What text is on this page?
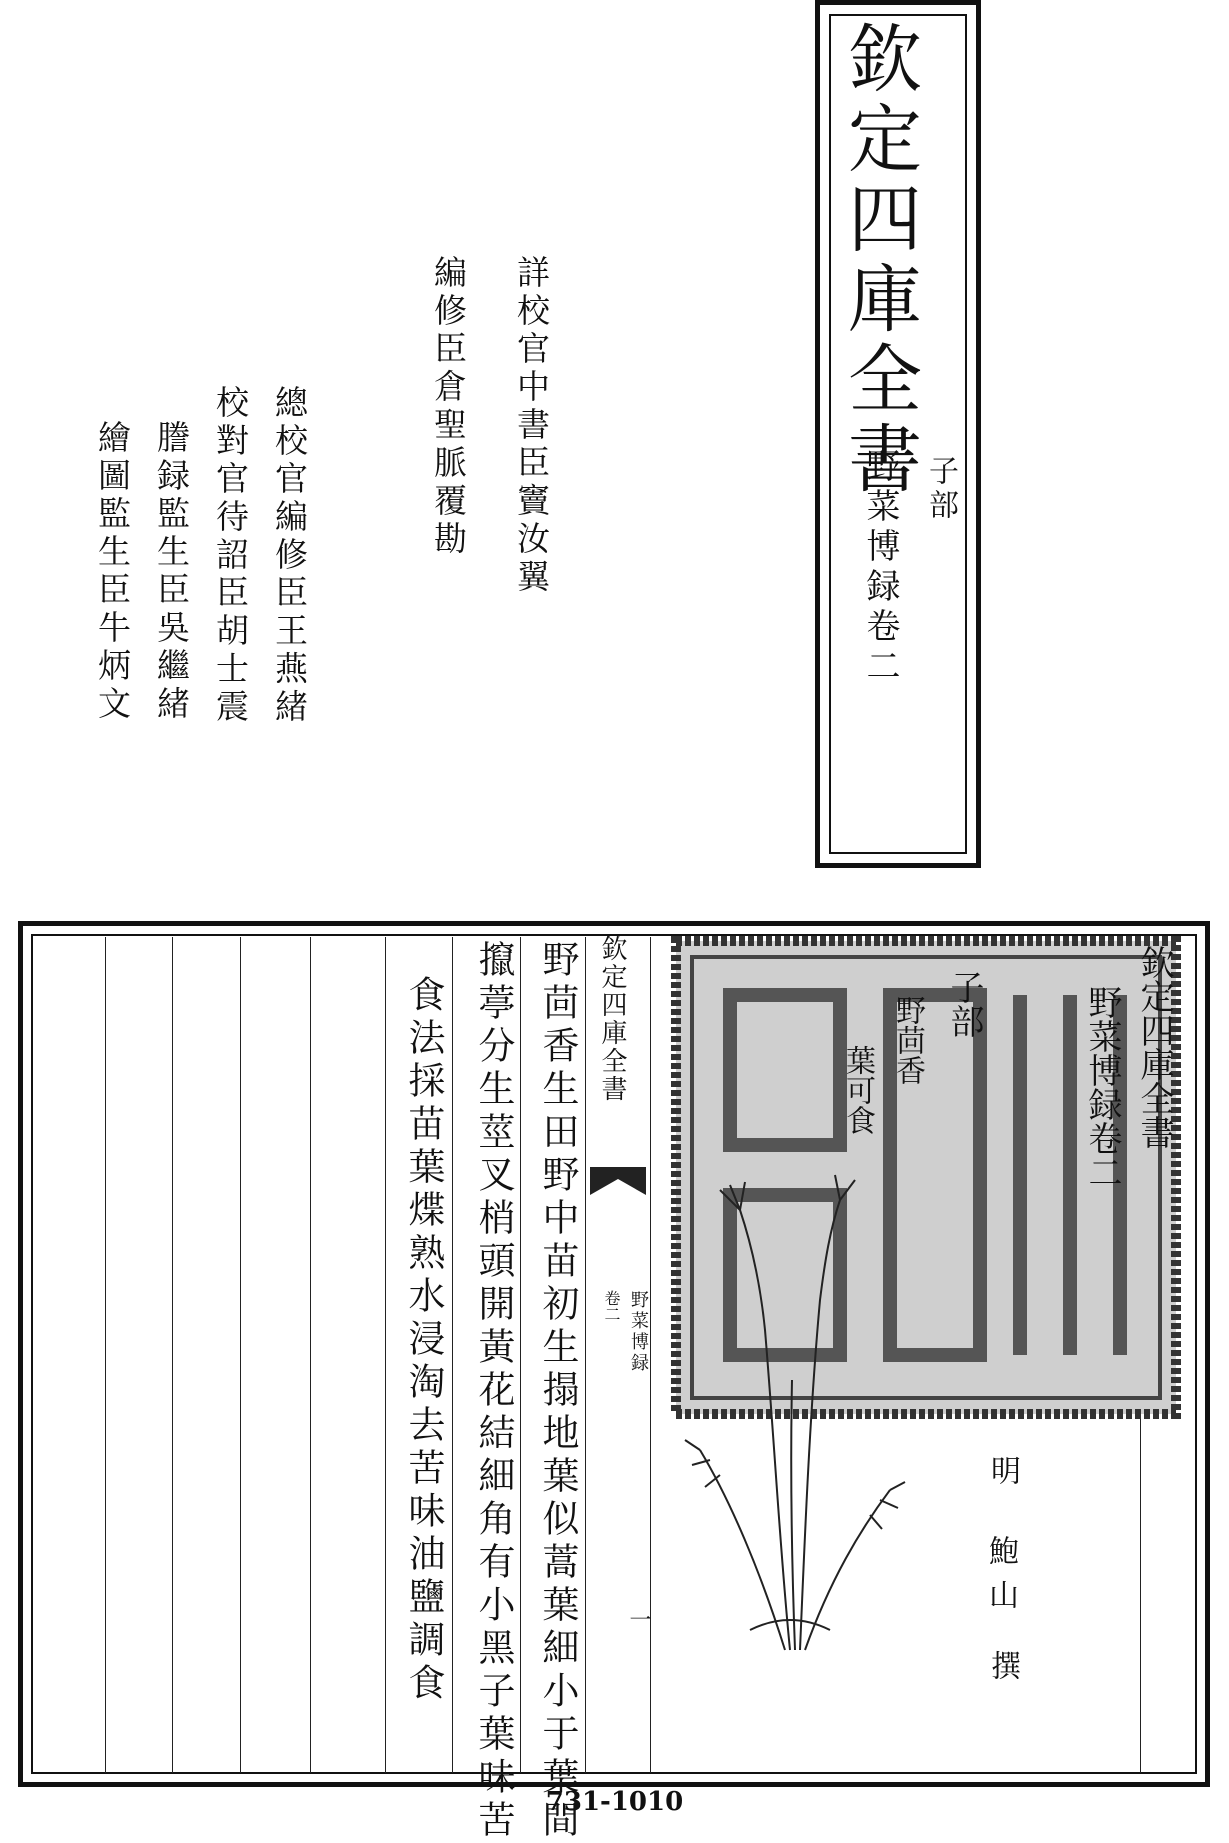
欽定四庫全書 子部
野菜博録卷二
詳校官中書臣竇汝翼
編修臣倉聖脈覆勘
總校官編修臣王燕緒
校對官待詔臣胡士震
謄録監生臣吳繼緒
繪圖監生臣牛炳文
欽定四庫全書
野菜博録
卷二
一
欽定四庫全書
子部	野菜博録卷二
野茴香
葉可食
明
鮑山
撰
野茴香生田野中苗初生搨地葉似蒿葉細小于葉間
攛葶分生莖叉梢頭開黃花結細角有小黑子葉味苦
食法採苗葉煠熟水浸淘去苦味油鹽調食
731-1010
